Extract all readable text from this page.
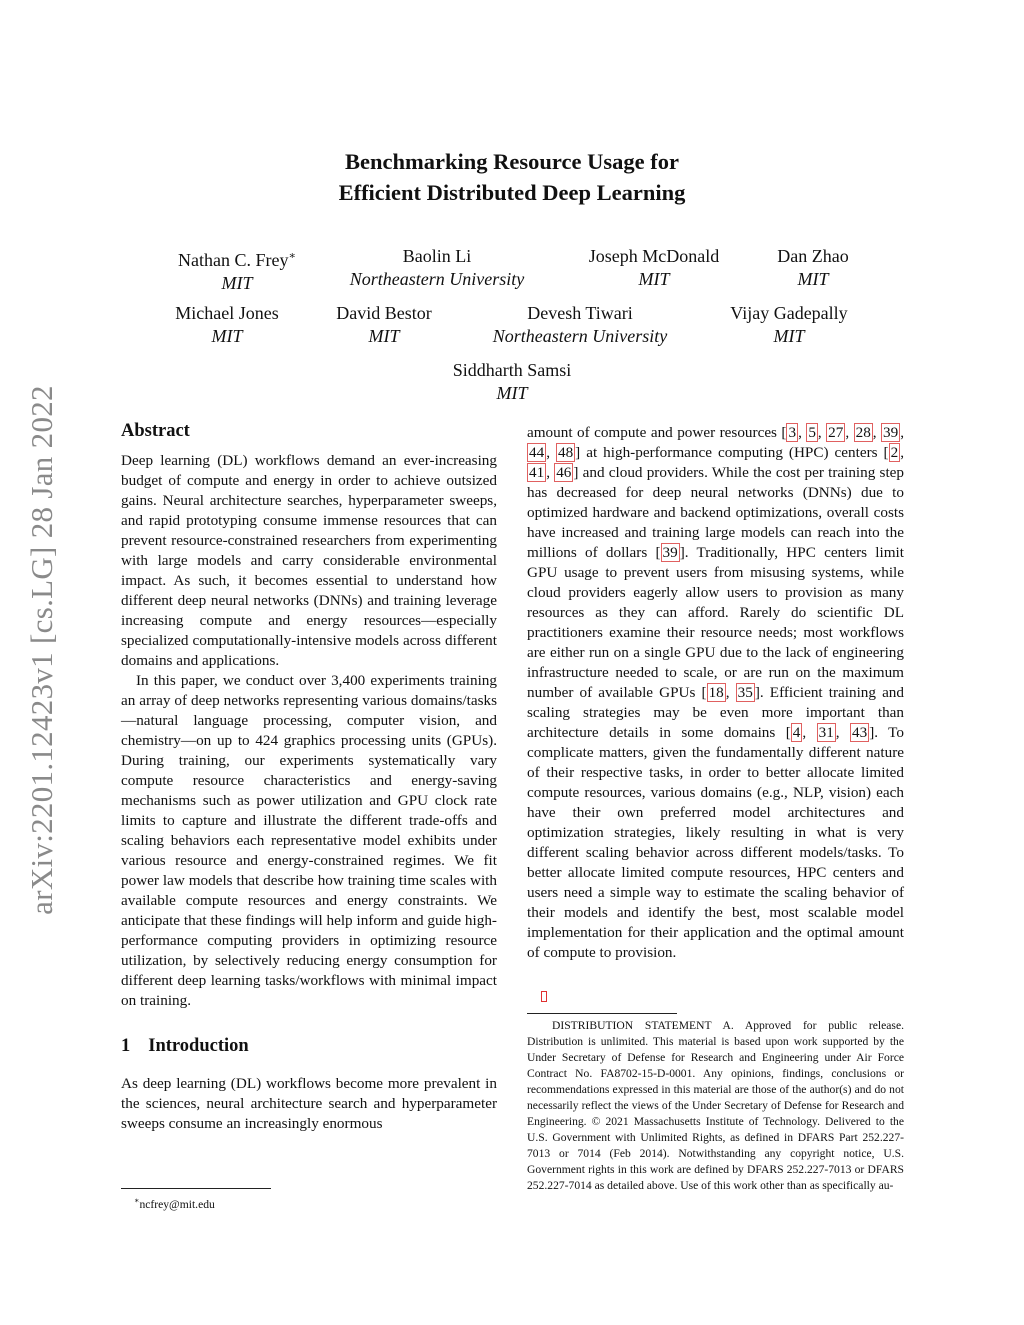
arXiv:2201.12423v1 [cs.LG] 28 Jan 2022
Benchmarking Resource Usage for
Efficient Distributed Deep Learning
Nathan C. Frey∗
MIT
Baolin Li
Northeastern University
Joseph McDonald
MIT
Dan Zhao
MIT
Michael Jones
MIT
David Bestor
MIT
Devesh Tiwari
Northeastern University
Vijay Gadepally
MIT
Siddharth Samsi
MIT
Abstract

Deep learning (DL) workflows demand an ever-increasing budget of compute and energy in order to achieve outsized gains. Neural architecture searches, hyperparameter sweeps, and rapid prototyping consume immense resources that can prevent resource-constrained researchers from experimenting with large models and carry considerable environmental impact. As such, it becomes essential to understand how different deep neural networks (DNNs) and training leverage increasing compute and energy resources—especially specialized computationally-intensive models across different domains and applications.

In this paper, we conduct over 3,400 experiments training an array of deep networks representing various domains/tasks—natural language processing, computer vision, and chemistry—on up to 424 graphics processing units (GPUs). During training, our experiments systematically vary compute resource characteristics and energy-saving mechanisms such as power utilization and GPU clock rate limits to capture and illustrate the different trade-offs and scaling behaviors each representative model exhibits under various resource and energy-constrained regimes. We fit power law models that describe how training time scales with available compute resources and energy constraints. We anticipate that these findings will help inform and guide high-performance computing providers in optimizing resource utilization, by selectively reducing energy consumption for different deep learning tasks/workflows with minimal impact on training.

1 Introduction

As deep learning (DL) workflows become more prevalent in the sciences, neural architecture search and hyperparameter sweeps consume an increasingly enormous

∗ncfrey@mit.edu

amount of compute and power resources [ 3 , 5 , 27 , 28 , 39 , 44 , 48 ] at high-performance computing (HPC) centers [ 2 , 41 , 46 ] and cloud providers. While the cost per training step has decreased for deep neural networks (DNNs) due to optimized hardware and backend optimizations, overall costs have increased and training large models can reach into the millions of dollars [ 39 ]. Traditionally, HPC centers limit GPU usage to prevent users from misusing systems, while cloud providers eagerly allow users to provision as many resources as they can afford. Rarely do scientific DL practitioners examine their resource needs; most workflows are either run on a single GPU due to the lack of engineering infrastructure needed to scale, or are run on the maximum number of available GPUs [ 18 , 35 ]. Efficient training and scaling strategies may be even more important than architecture details in some domains [ 4 , 31 , 43 ]. To complicate matters, given the fundamentally different nature of their respective tasks, in order to better allocate limited compute resources, various domains (e.g., NLP, vision) each have their own preferred model architectures and optimization strategies, likely resulting in what is very different scaling behavior across different models/tasks. To better allocate limited compute resources, HPC centers and users need a simple way to estimate the scaling behavior of their models and identify the best, most scalable model implementation for their application and the optimal amount of compute to provision.

DISTRIBUTION STATEMENT A. Approved for public release. Distribution is unlimited. This material is based upon work supported by the Under Secretary of Defense for Research and Engineering under Air Force Contract No. FA8702-15-D-0001. Any opinions, findings, conclusions or recommendations expressed in this material are those of the author(s) and do not necessarily reflect the views of the Under Secretary of Defense for Research and Engineering. © 2021 Massachusetts Institute of Technology. Delivered to the U.S. Government with Unlimited Rights, as defined in DFARS Part 252.227-7013 or 7014 (Feb 2014). Notwithstanding any copyright notice, U.S. Government rights in this work are defined by DFARS 252.227-7013 or DFARS 252.227-7014 as detailed above. Use of this work other than as specifically au-
